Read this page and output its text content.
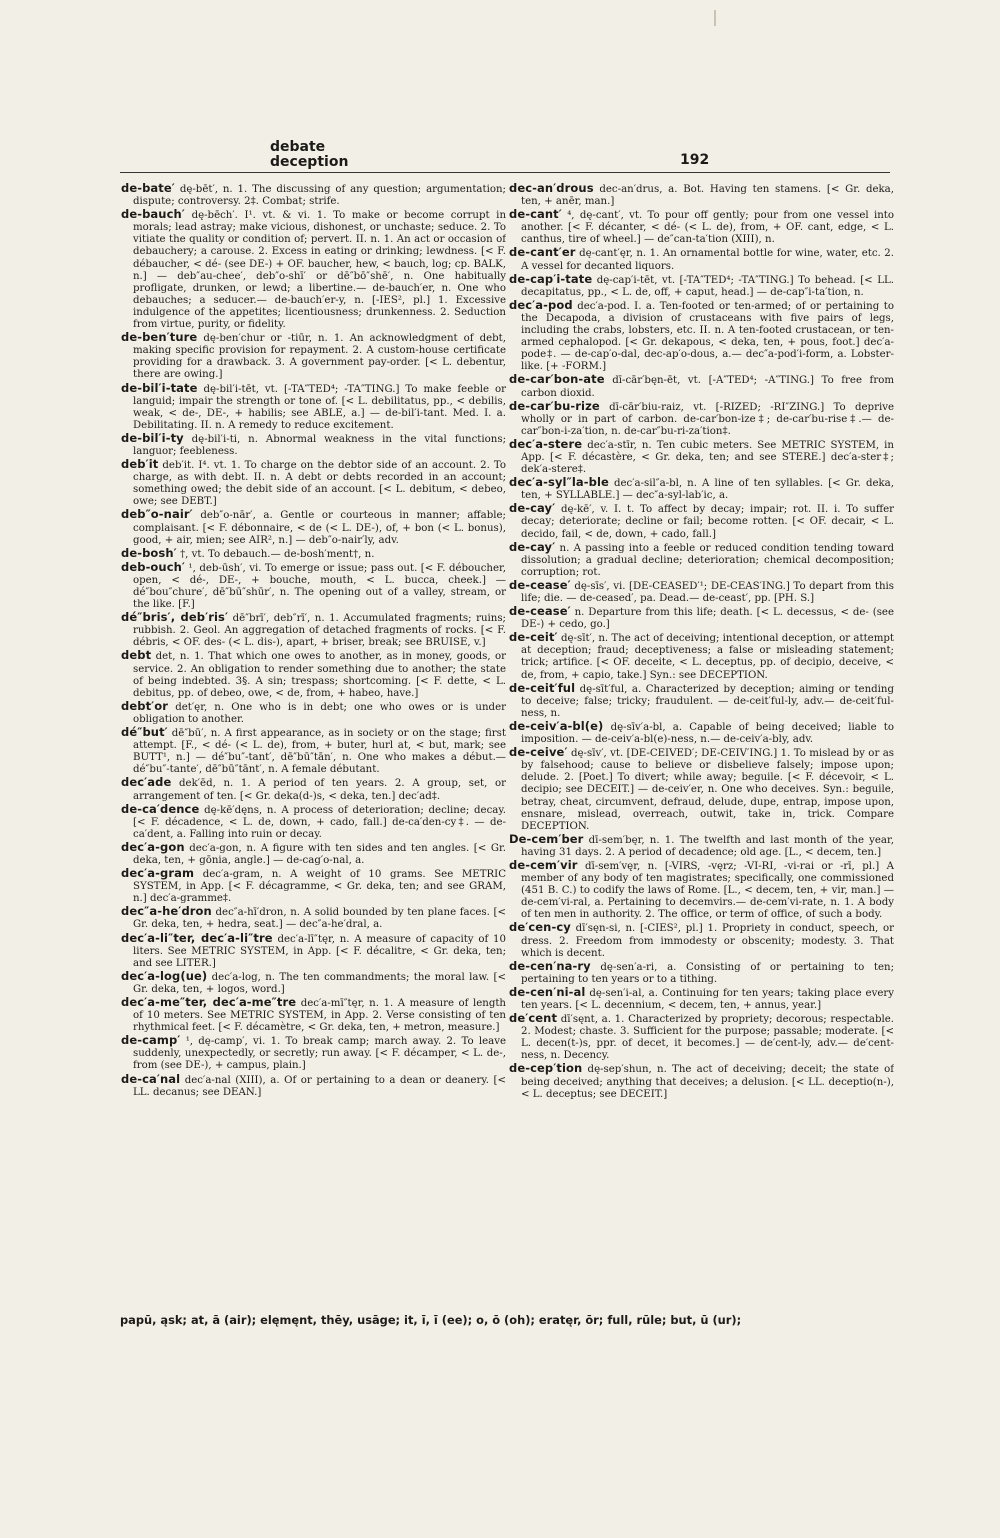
debate
deception	192
de-bate′ dę-bēt′, n. 1. The discussing of any question; argumentation; dispute; controversy. 2‡. Combat; strife.
de-bauch′ dę-bēch′. I¹. vt. & vi. 1. To make or become corrupt in morals; lead astray; make vicious, dishonest, or unchaste; seduce. 2. To vitiate the quality or condition of; pervert. II. n. 1. An act or occasion of debauchery; a carouse. 2. Excess in eating or drinking; lewdness. [< F. débaucher, < dé- (see DE-) + OF. baucher, hew, < bauch, log; cp. BALK, n.] — deb″au-chee′, deb″o-shī′ or dē″bō″shē′, n. One habitually profligate, drunken, or lewd; a libertine.— de-bauch′er, n. One who debauches; a seducer.— de-bauch′er-y, n. [-IES², pl.] 1. Excessive indulgence of the appetites; licentiousness; drunkenness. 2. Seduction from virtue, purity, or fidelity.
de-ben′ture dę-ben′chur or -tiūr, n. 1. An acknowledgment of debt, making specific provision for repayment. 2. A custom-house certificate providing for a drawback. 3. A government pay-order. [< L. debentur, there are owing.]
de-bil′i-tate dę-bil′i-tēt, vt. [-TA″TED⁴; -TA″TING.] To make feeble or languid; impair the strength or tone of. [< L. debilitatus, pp., < debilis, weak, < de-, DE-, + habilis; see ABLE, a.] — de-bil′i-tant. Med. I. a. Debilitating. II. n. A remedy to reduce excitement.
de-bil′i-ty dę-bil′i-ti, n. Abnormal weakness in the vital functions; languor; feebleness.
deb′it deb′it. I⁴. vt. 1. To charge on the debtor side of an account. 2. To charge, as with debt. II. n. A debt or debts recorded in an account; something owed; the debit side of an account. [< L. debitum, < debeo, owe; see DEBT.]
deb″o-nair′ deb″o-nār′, a. Gentle or courteous in manner; affable; complaisant. [< F. débonnaire, < de (< L. DE-), of, + bon (< L. bonus), good, + air, mien; see AIR², n.] — deb″o-nair′ly, adv.
de-bosh′ †, vt. To debauch.— de-bosh′ment†, n.
deb-ouch′ ¹, deb-ūsh′, vi. To emerge or issue; pass out. [< F. déboucher, open, < dé-, DE-, + bouche, mouth, < L. bucca, cheek.] — dé″bou″chure′, dē″bū″shūr′, n. The opening out of a valley, stream, or the like. [F.]
dé″bris′, deb′ris′ dē″brī′, deb″rī′, n. 1. Accumulated fragments; ruins; rubbish. 2. Geol. An aggregation of detached fragments of rocks. [< F. débris, < OF. des- (< L. dis-), apart, + briser, break; see BRUISE, v.]
debt det, n. 1. That which one owes to another, as in money, goods, or service. 2. An obligation to render something due to another; the state of being indebted. 3§. A sin; trespass; shortcoming. [< F. dette, < L. debitus, pp. of debeo, owe, < de, from, + habeo, have.]
debt′or det′ęr, n. One who is in debt; one who owes or is under obligation to another.
dé″but′ dē″bū′, n. A first appearance, as in society or on the stage; first attempt. [F., < dé- (< L. de), from, + buter, hurl at, < but, mark; see BUTT¹, n.] — dé″bu″-tant′, dē″bū″tān′, n. One who makes a début.— dé″bu″-tante′, dē″bū″tānt′, n. A female débutant.
dec′ade dek′ēd, n. 1. A period of ten years. 2. A group, set, or arrangement of ten. [< Gr. deka(d-)s, < deka, ten.] dec′ad‡.
de-ca′dence dę-kē′dęns, n. A process of deterioration; decline; decay. [< F. décadence, < L. de, down, + cado, fall.] de-ca′den-cy‡. — de-ca′dent, a. Falling into ruin or decay.
dec′a-gon dec′a-gon, n. A figure with ten sides and ten angles. [< Gr. deka, ten, + gōnia, angle.] — de-cag′o-nal, a.
dec′a-gram dec′a-gram, n. A weight of 10 grams. See METRIC SYSTEM, in App. [< F. décagramme, < Gr. deka, ten; and see GRAM, n.] dec′a-gramme‡.
dec″a-he′dron dec″a-hī′dron, n. A solid bounded by ten plane faces. [< Gr. deka, ten, + hedra, seat.] — dec″a-he′dral, a.
dec′a-li″ter, dec′a-li″tre dec′a-lī″tęr, n. A measure of capacity of 10 liters. See METRIC SYSTEM, in App. [< F. décalitre, < Gr. deka, ten; and see LITER.]
dec′a-log(ue) dec′a-log, n. The ten commandments; the moral law. [< Gr. deka, ten, + logos, word.]
dec′a-me″ter, dec′a-me″tre dec′a-mī″tęr, n. 1. A measure of length of 10 meters. See METRIC SYSTEM, in App. 2. Verse consisting of ten rhythmical feet. [< F. décamètre, < Gr. deka, ten, + metron, measure.]
de-camp′ ¹, dę-camp′, vi. 1. To break camp; march away. 2. To leave suddenly, unexpectedly, or secretly; run away. [< F. décamper, < L. de-, from (see DE-), + campus, plain.]
de-ca′nal dec′a-nal (XIII), a. Of or pertaining to a dean or deanery. [< LL. decanus; see DEAN.]
dec-an′drous dec-an′drus, a. Bot. Having ten stamens. [< Gr. deka, ten, + anēr, man.]
de-cant′ ⁴, dę-cant′, vt. To pour off gently; pour from one vessel into another. [< F. décanter, < dé- (< L. de), from, + OF. cant, edge, < L. canthus, tire of wheel.] — de″can-ta′tion (XIII), n.
de-cant′er dę-cant′ęr, n. 1. An ornamental bottle for wine, water, etc. 2. A vessel for decanted liquors.
de-cap′i-tate dę-cap′i-tēt, vt. [-TA″TED⁴; -TA″TING.] To behead. [< LL. decapitatus, pp., < L. de, off, + caput, head.] — de-cap″i-ta′tion, n.
dec′a-pod dec′a-pod. I. a. Ten-footed or ten-armed; of or pertaining to the Decapoda, a division of crustaceans with five pairs of legs, including the crabs, lobsters, etc. II. n. A ten-footed crustacean, or ten-armed cephalopod. [< Gr. dekapous, < deka, ten, + pous, foot.] dec′a-pode‡. — de-cap′o-dal, dec-ap′o-dous, a.— dec″a-pod′i-form, a. Lobster-like. [+ -FORM.]
de-car′bon-ate dī-cār′bęn-ēt, vt. [-A″TED⁴; -A″TING.] To free from carbon dioxid.
de-car′bu-rize dī-cār′biu-raiz, vt. [-RIZED; -RI″ZING.] To deprive wholly or in part of carbon. de-car′bon-ize‡; de-car′bu-rise‡.— de-car″bon-i-za′tion, n. de-car″bu-ri-za′tion‡.
dec′a-stere dec′a-stīr, n. Ten cubic meters. See METRIC SYSTEM, in App. [< F. décastère, < Gr. deka, ten; and see STERE.] dec′a-ster‡; dek′a-stere‡.
dec′a-syl″la-ble dec′a-sil″a-bl, n. A line of ten syllables. [< Gr. deka, ten, + SYLLABLE.] — dec″a-syl-lab′ic, a.
de-cay′ dę-kē′, v. I. t. To affect by decay; impair; rot. II. i. To suffer decay; deteriorate; decline or fail; become rotten. [< OF. decair, < L. decido, fail, < de, down, + cado, fall.]
de-cay′ n. A passing into a feeble or reduced condition tending toward dissolution; a gradual decline; deterioration; chemical decomposition; corruption; rot.
de-cease′ dę-sīs′, vi. [DE-CEASED′¹; DE-CEAS′ING.] To depart from this life; die. — de-ceased′, pa. Dead.— de-ceast′, pp. [PH. S.]
de-cease′ n. Departure from this life; death. [< L. decessus, < de- (see DE-) + cedo, go.]
de-ceit′ dę-sīt′, n. The act of deceiving; intentional deception, or attempt at deception; fraud; deceptiveness; a false or misleading statement; trick; artifice. [< OF. deceite, < L. deceptus, pp. of decipio, deceive, < de, from, + capio, take.] Syn.: see DECEPTION.
de-ceit′ful dę-sīt′ful, a. Characterized by deception; aiming or tending to deceive; false; tricky; fraudulent. — de-ceit′ful-ly, adv.— de-ceit′ful-ness, n.
de-ceiv′a-bl(e) dę-sīv′a-bl, a. Capable of being deceived; liable to imposition. — de-ceiv′a-bl(e)-ness, n.— de-ceiv′a-bly, adv.
de-ceive′ dę-sīv′, vt. [DE-CEIVED′; DE-CEIV′ING.] 1. To mislead by or as by falsehood; cause to believe or disbelieve falsely; impose upon; delude. 2. [Poet.] To divert; while away; beguile. [< F. décevoir, < L. decipio; see DECEIT.] — de-ceiv′er, n. One who deceives. Syn.: beguile, betray, cheat, circumvent, defraud, delude, dupe, entrap, impose upon, ensnare, mislead, overreach, outwit, take in, trick. Compare DECEPTION.
De-cem′ber dī-sem′bęr, n. 1. The twelfth and last month of the year, having 31 days. 2. A period of decadence; old age. [L., < decem, ten.]
de-cem′vir dī-sem′vęr, n. [-VIRS, -vęrz; -VI-RI, -vi-rai or -rī, pl.] A member of any body of ten magistrates; specifically, one commissioned (451 B. C.) to codify the laws of Rome. [L., < decem, ten, + vir, man.] — de-cem′vi-ral, a. Pertaining to decemvirs.— de-cem′vi-rate, n. 1. A body of ten men in authority. 2. The office, or term of office, of such a body.
de′cen-cy dī′sęn-si, n. [-CIES², pl.] 1. Propriety in conduct, speech, or dress. 2. Freedom from immodesty or obscenity; modesty. 3. That which is decent.
de-cen′na-ry dę-sen′a-ri, a. Consisting of or pertaining to ten; pertaining to ten years or to a tithing.
de-cen′ni-al dę-sen′i-al, a. Continuing for ten years; taking place every ten years. [< L. decennium, < decem, ten, + annus, year.]
de′cent dī′sęnt, a. 1. Characterized by propriety; decorous; respectable. 2. Modest; chaste. 3. Sufficient for the purpose; passable; moderate. [< L. decen(t-)s, ppr. of decet, it becomes.] — de′cent-ly, adv.— de′cent-ness, n. Decency.
de-cep′tion dę-sep′shun, n. The act of deceiving; deceit; the state of being deceived; anything that deceives; a delusion. [< LL. deceptio(n-), < L. deceptus; see DECEIT.]
papū, ąsk; at, ā (air); elęmęnt, thēy, usāge; it, ī, ī (ee); o, ō (oh); eratęr, ōr; full, rūle; but, ū (ur);
